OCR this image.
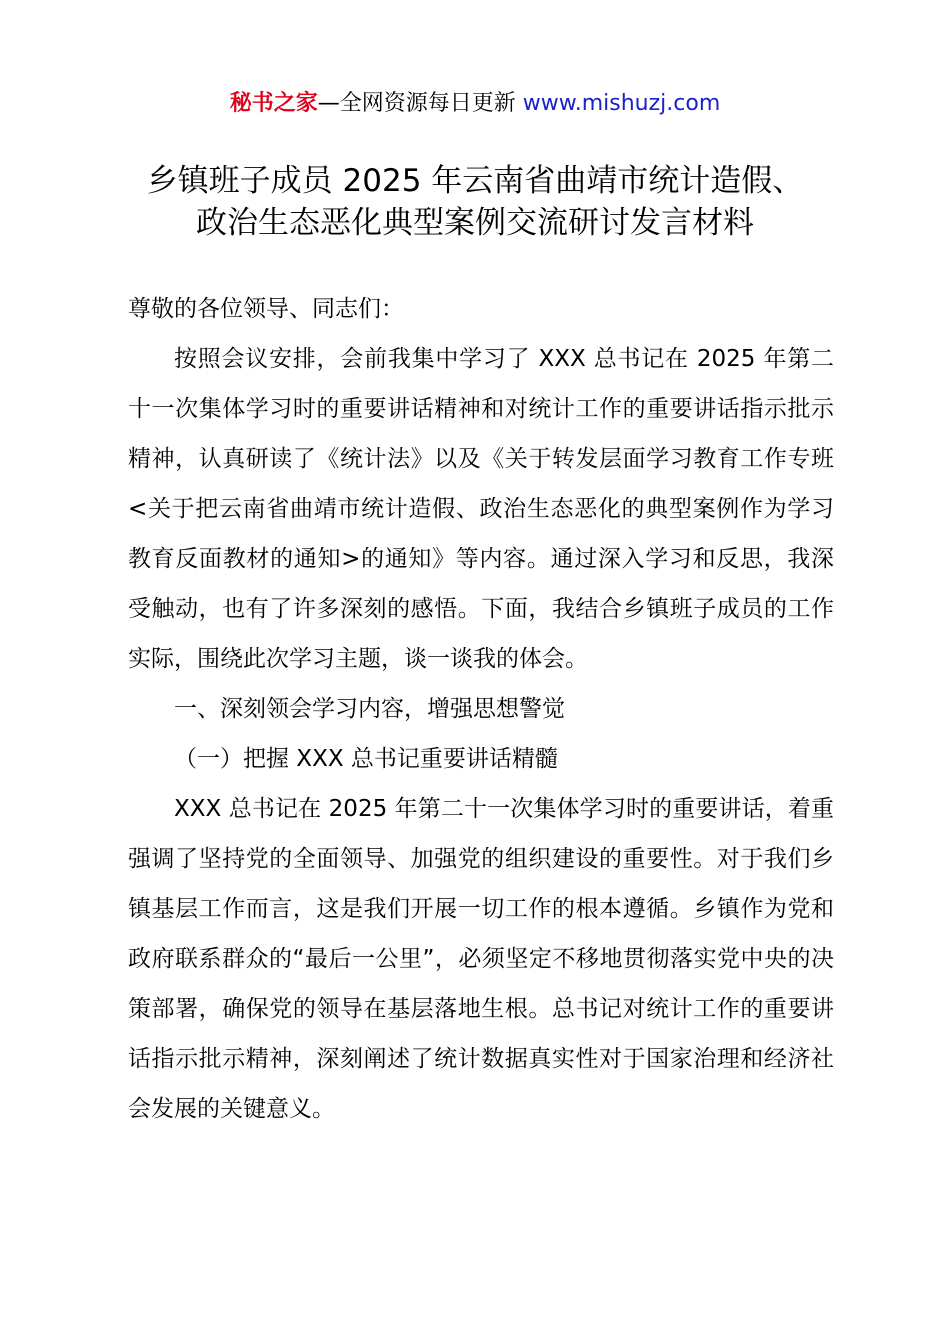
秘书之家—全网资源每日更新 www.mishuzj.com
乡镇班子成员 2025 年云南省曲靖市统计造假、
政治生态恶化典型案例交流研讨发言材料

尊敬的各位领导、同志们：

按照会议安排，会前我集中学习了 XXX 总书记在 2025 年第二十一次集体学习时的重要讲话精神和对统计工作的重要讲话指示批示精神，认真研读了《统计法》以及《关于转发层面学习教育工作专班<关于把云南省曲靖市统计造假、政治生态恶化的典型案例作为学习教育反面教材的通知>的通知》等内容。通过深入学习和反思，我深受触动，也有了许多深刻的感悟。下面，我结合乡镇班子成员的工作实际，围绕此次学习主题，谈一谈我的体会。

一、深刻领会学习内容，增强思想警觉

（一）把握 XXX 总书记重要讲话精髓

XXX 总书记在 2025 年第二十一次集体学习时的重要讲话，着重强调了坚持党的全面领导、加强党的组织建设的重要性。对于我们乡镇基层工作而言，这是我们开展一切工作的根本遵循。乡镇作为党和政府联系群众的“最后一公里”，必须坚定不移地贯彻落实党中央的决策部署，确保党的领导在基层落地生根。总书记对统计工作的重要讲话指示批示精神，深刻阐述了统计数据真实性对于国家治理和经济社会发展的关键意义。
